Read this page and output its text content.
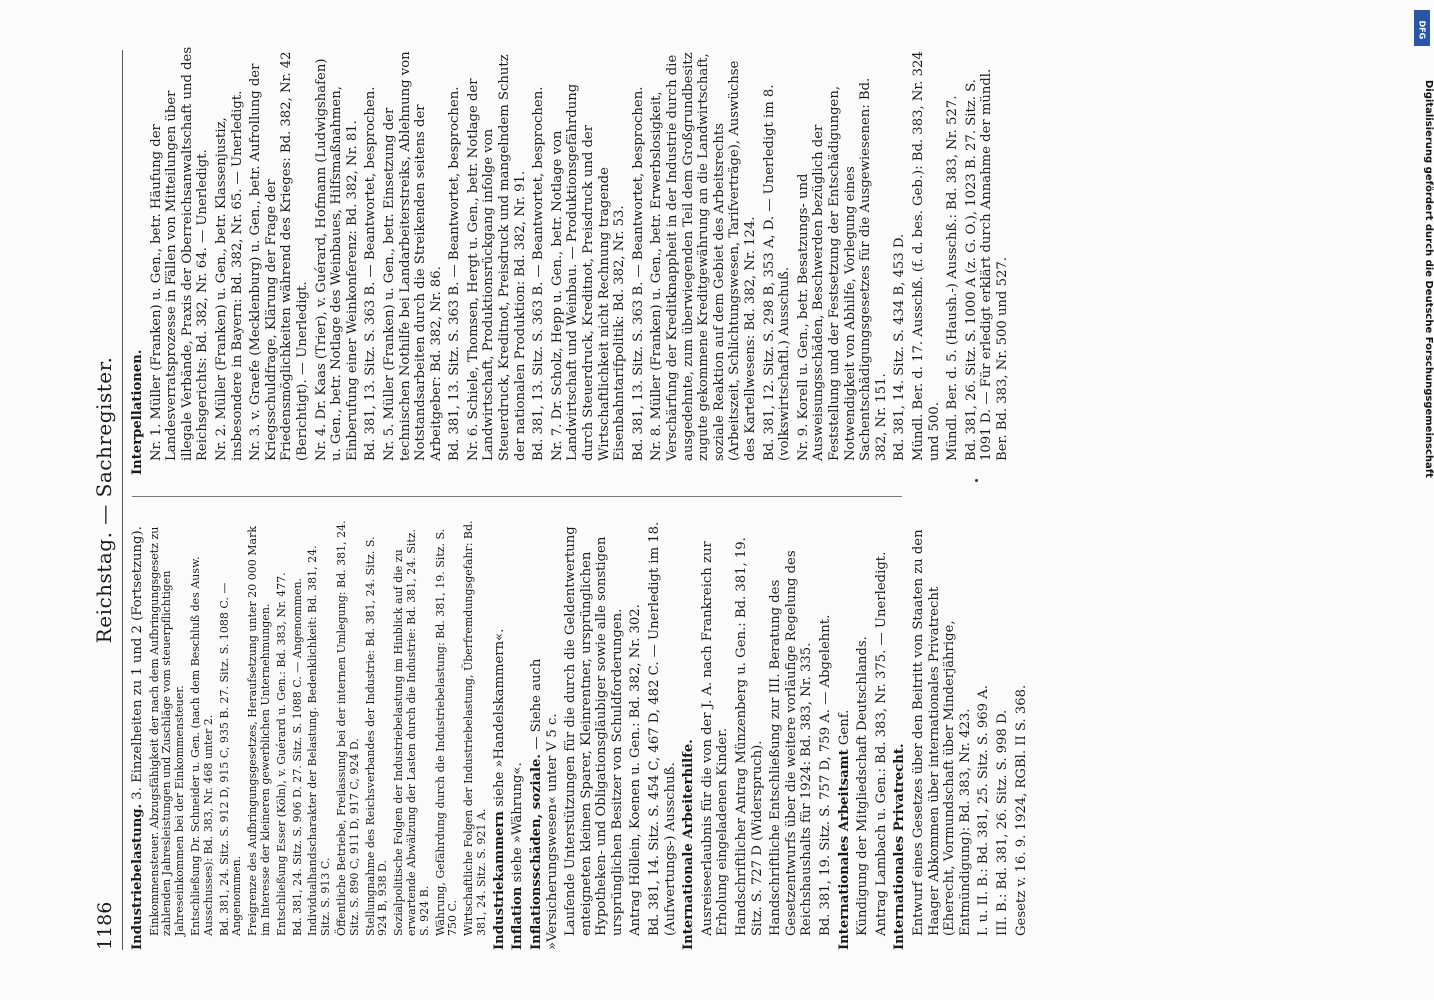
1186
Reichstag. — Sachregister.
Industriebelastung. 3. Einzelheiten zu 1 und 2 (Fortsetzung). Einkommensteuer. Abzugsfähigkeit der nach dem Aufbringungsgesetz zu zahlenden Jahresleistungen und Zuschläge vom steuerpflichtigen Jahreseinkommen bei der Einkommensteuer. Entschließung Dr. Schneider u. Gen. (nach dem Beschluß des Ausw. Ausschusses): Bd. 383, Nr. 468 unter 2. Bd. 381, 24. Sitz. S. 912 D, 915 C, 935 B. 27. Sitz. S. 1088 C. — Angenommen. Freigrenze des Aufbringungsgesetzes, Heraufsetzung unter 20 000 Mark im Interesse der kleineren gewerblichen Unternehmungen. Entschließung Esser (Köln), v. Guérard u. Gen.: Bd. 383, Nr. 477. Bd. 381, 24. Sitz. S. 906 D. 27. Sitz. S. 1088 C. — Angenommen. Individualhandscharakter der Belastung. Bedenklichkeit: Bd. 381, 24. Sitz. S. 913 C. Öffentliche Betriebe, Freilassung bei der internen Umlegung: Bd. 381, 24. Sitz. S. 890 C, 911 D, 917 C, 924 D. Stellungnahme des Reichsverbandes der Industrie: Bd. 381, 24. Sitz. S. 924 B, 938 D. Sozialpolitische Folgen der Industriebelastung im Hinblick auf die zu erwartende Abwälzung der Lasten durch die Industrie: Bd. 381, 24. Sitz. S. 924 B. Währung, Gefährdung durch die Industriebelastung: Bd. 381, 19. Sitz. S. 750 C. Wirtschaftliche Folgen der Industriebelastung, Überfremdungsgefahr: Bd. 381, 24. Sitz. S. 921 A. Industriekammern siehe »Handelskammern«.
Inflation siehe »Währung«. Inflationsschäden, soziale. — Siehe auch »Versicherungswesen« unter V 5 c. Laufende Unterstützungen für die durch die Geldentwertung enteigneten kleinen Sparer, Kleinrentner, ursprünglichen Hypotheken- und Obligationsgläubiger sowie alle sonstigen ursprünglichen Besitzer von Schuldforderungen. Antrag Höllein, Koenen u. Gen.: Bd. 382, Nr. 302. Bd. 381, 14. Sitz. S. 454 C, 467 D, 482 C. — Unerledigt im 18. (Aufwertungs-) Ausschuß. Internationale Arbeiterhilfe. Ausreiseerlaubnis für die von der J. A. nach Frankreich zur Erholung eingeladenen Kinder. Handschriftlicher Antrag Münzenberg u. Gen.: Bd. 381, 19. Sitz. S. 727 D (Widerspruch). Handschriftliche Entschließung zur III. Beratung des Gesetzentwurfs über die weitere vorläufige Regelung des Reichshaushalts für 1924: Bd. 383, Nr. 335. Bd. 381, 19. Sitz. S. 757 D, 759 A. — Abgelehnt. Internationales Arbeitsamt Genf. Kündigung der Mitgliedschaft Deutschlands. Antrag Lambach u. Gen.: Bd. 383, Nr. 375. — Unerledigt. Internationales Privatrecht. Entwurf eines Gesetzes über den Beitritt von Staaten zu den Haager Abkommen über internationales Privatrecht (Eherecht, Vormundschaft über Minderjährige, Entmündigung): Bd. 383, Nr. 423. I. u. II. B.: Bd. 381, 25. Sitz. S. 969 A. III. B.: Bd. 381, 26. Sitz. S. 998 D. Gesetz v. 16. 9. 1924, RGBl. II S. 368.
Interpellationen. Nr. 1. Müller (Franken) u. Gen., betr. Häufung der Landesverratsprozesse in Fällen von Mitteilungen über illegale Verbände, Praxis der Oberreichsanwaltschaft und des Reichsgerichts: Bd. 382, Nr. 64. — Unerledigt. Nr. 2. Müller (Franken) u. Gen., betr. Klassenjustiz, insbesondere in Bayern: Bd. 382, Nr. 65. — Unerledigt. Nr. 3. v. Graefe (Mecklenburg) u. Gen., betr. Aufrollung der Kriegsschuldfrage, Klärung der Frage der Friedensmöglichkeiten während des Krieges: Bd. 382, Nr. 42 (Berichtigt). — Unerledigt. Nr. 4. Dr. Kaas (Trier), v. Guérard, Hofmann (Ludwigshafen) u. Gen., betr. Notlage des Weinbaues, Hilfsmaßnahmen, Einberufung einer Weinkonferenz: Bd. 382, Nr. 81. Bd. 381, 13. Sitz. S. 363 B. — Beantwortet, besprochen. Nr. 5. Müller (Franken) u. Gen., betr. Einsetzung der technischen Nothilfe bei Landarbeiterstreiks, Ablehnung von Notstandsarbeiten durch die Streikenden seitens der Arbeitgeber: Bd. 382, Nr. 86. Bd. 381, 13. Sitz. S. 363 B. — Beantwortet, besprochen. Nr. 6. Schiele, Thomsen, Hergt u. Gen., betr. Notlage der Landwirtschaft, Produktionsrückgang infolge von Steuerdruck, Kreditnot, Preisdruck und mangelndem Schutz der nationalen Produktion: Bd. 382, Nr. 91. Bd. 381, 13. Sitz. S. 363 B. — Beantwortet, besprochen. Nr. 7. Dr. Scholz, Hepp u. Gen., betr. Notlage von Landwirtschaft und Weinbau. — Produktionsgefährdung durch Steuerdruck, Kreditnot, Preisdruck und der Wirtschaftlichkeit nicht Rechnung tragende Eisenbahntarifpolitik: Bd. 382, Nr. 53. Bd. 381, 13. Sitz. S. 363 B. — Beantwortet, besprochen. Nr. 8. Müller (Franken) u. Gen., betr. Erwerbslosigkeit, Verschärfung der Kreditknappheit in der Industrie durch die ausgedehnte, zum überwiegenden Teil dem Großgrundbesitz zugute gekommene Kreditgewährung an die Landwirtschaft, soziale Reaktion auf dem Gebiet des Arbeitsrechts (Arbeitszeit, Schlichtungswesen, Tarifverträge), Auswüchse des Kartellwesens: Bd. 382, Nr. 124. Bd. 381, 12. Sitz. S. 298 B, 353 A, D. — Unerledigt im 8. (volkswirtschaftl.) Ausschuß. Nr. 9. Korell u. Gen., betr. Besatzungs- und Ausweisungsschäden, Beschwerden bezüglich der Feststellung und der Festsetzung der Entschädigungen, Notwendigkeit von Abhilfe, Vorlegung eines Sachentschädigungsgesetzes für die Ausgewiesenen: Bd. 382, Nr. 151. Bd. 381, 14. Sitz. S. 434 B, 453 D. Mündl. Ber. d. 17. Ausschß. (f. d. bes. Geb.): Bd. 383, Nr. 324 und 500. Mündl. Ber. d. 5. (Haush.-) Ausschß.: Bd. 383, Nr. 527. Bd. 381, 26. Sitz. S. 1000 A (z. G. O.), 1023 B. 27. Sitz. S. 1091 D. — Für erledigt erklärt durch Annahme der mündl. Ber. Bd. 383, Nr. 500 und 527.
DFG
Digitalisierung gefördert durch die Deutsche Forschungsgemeinschaft
